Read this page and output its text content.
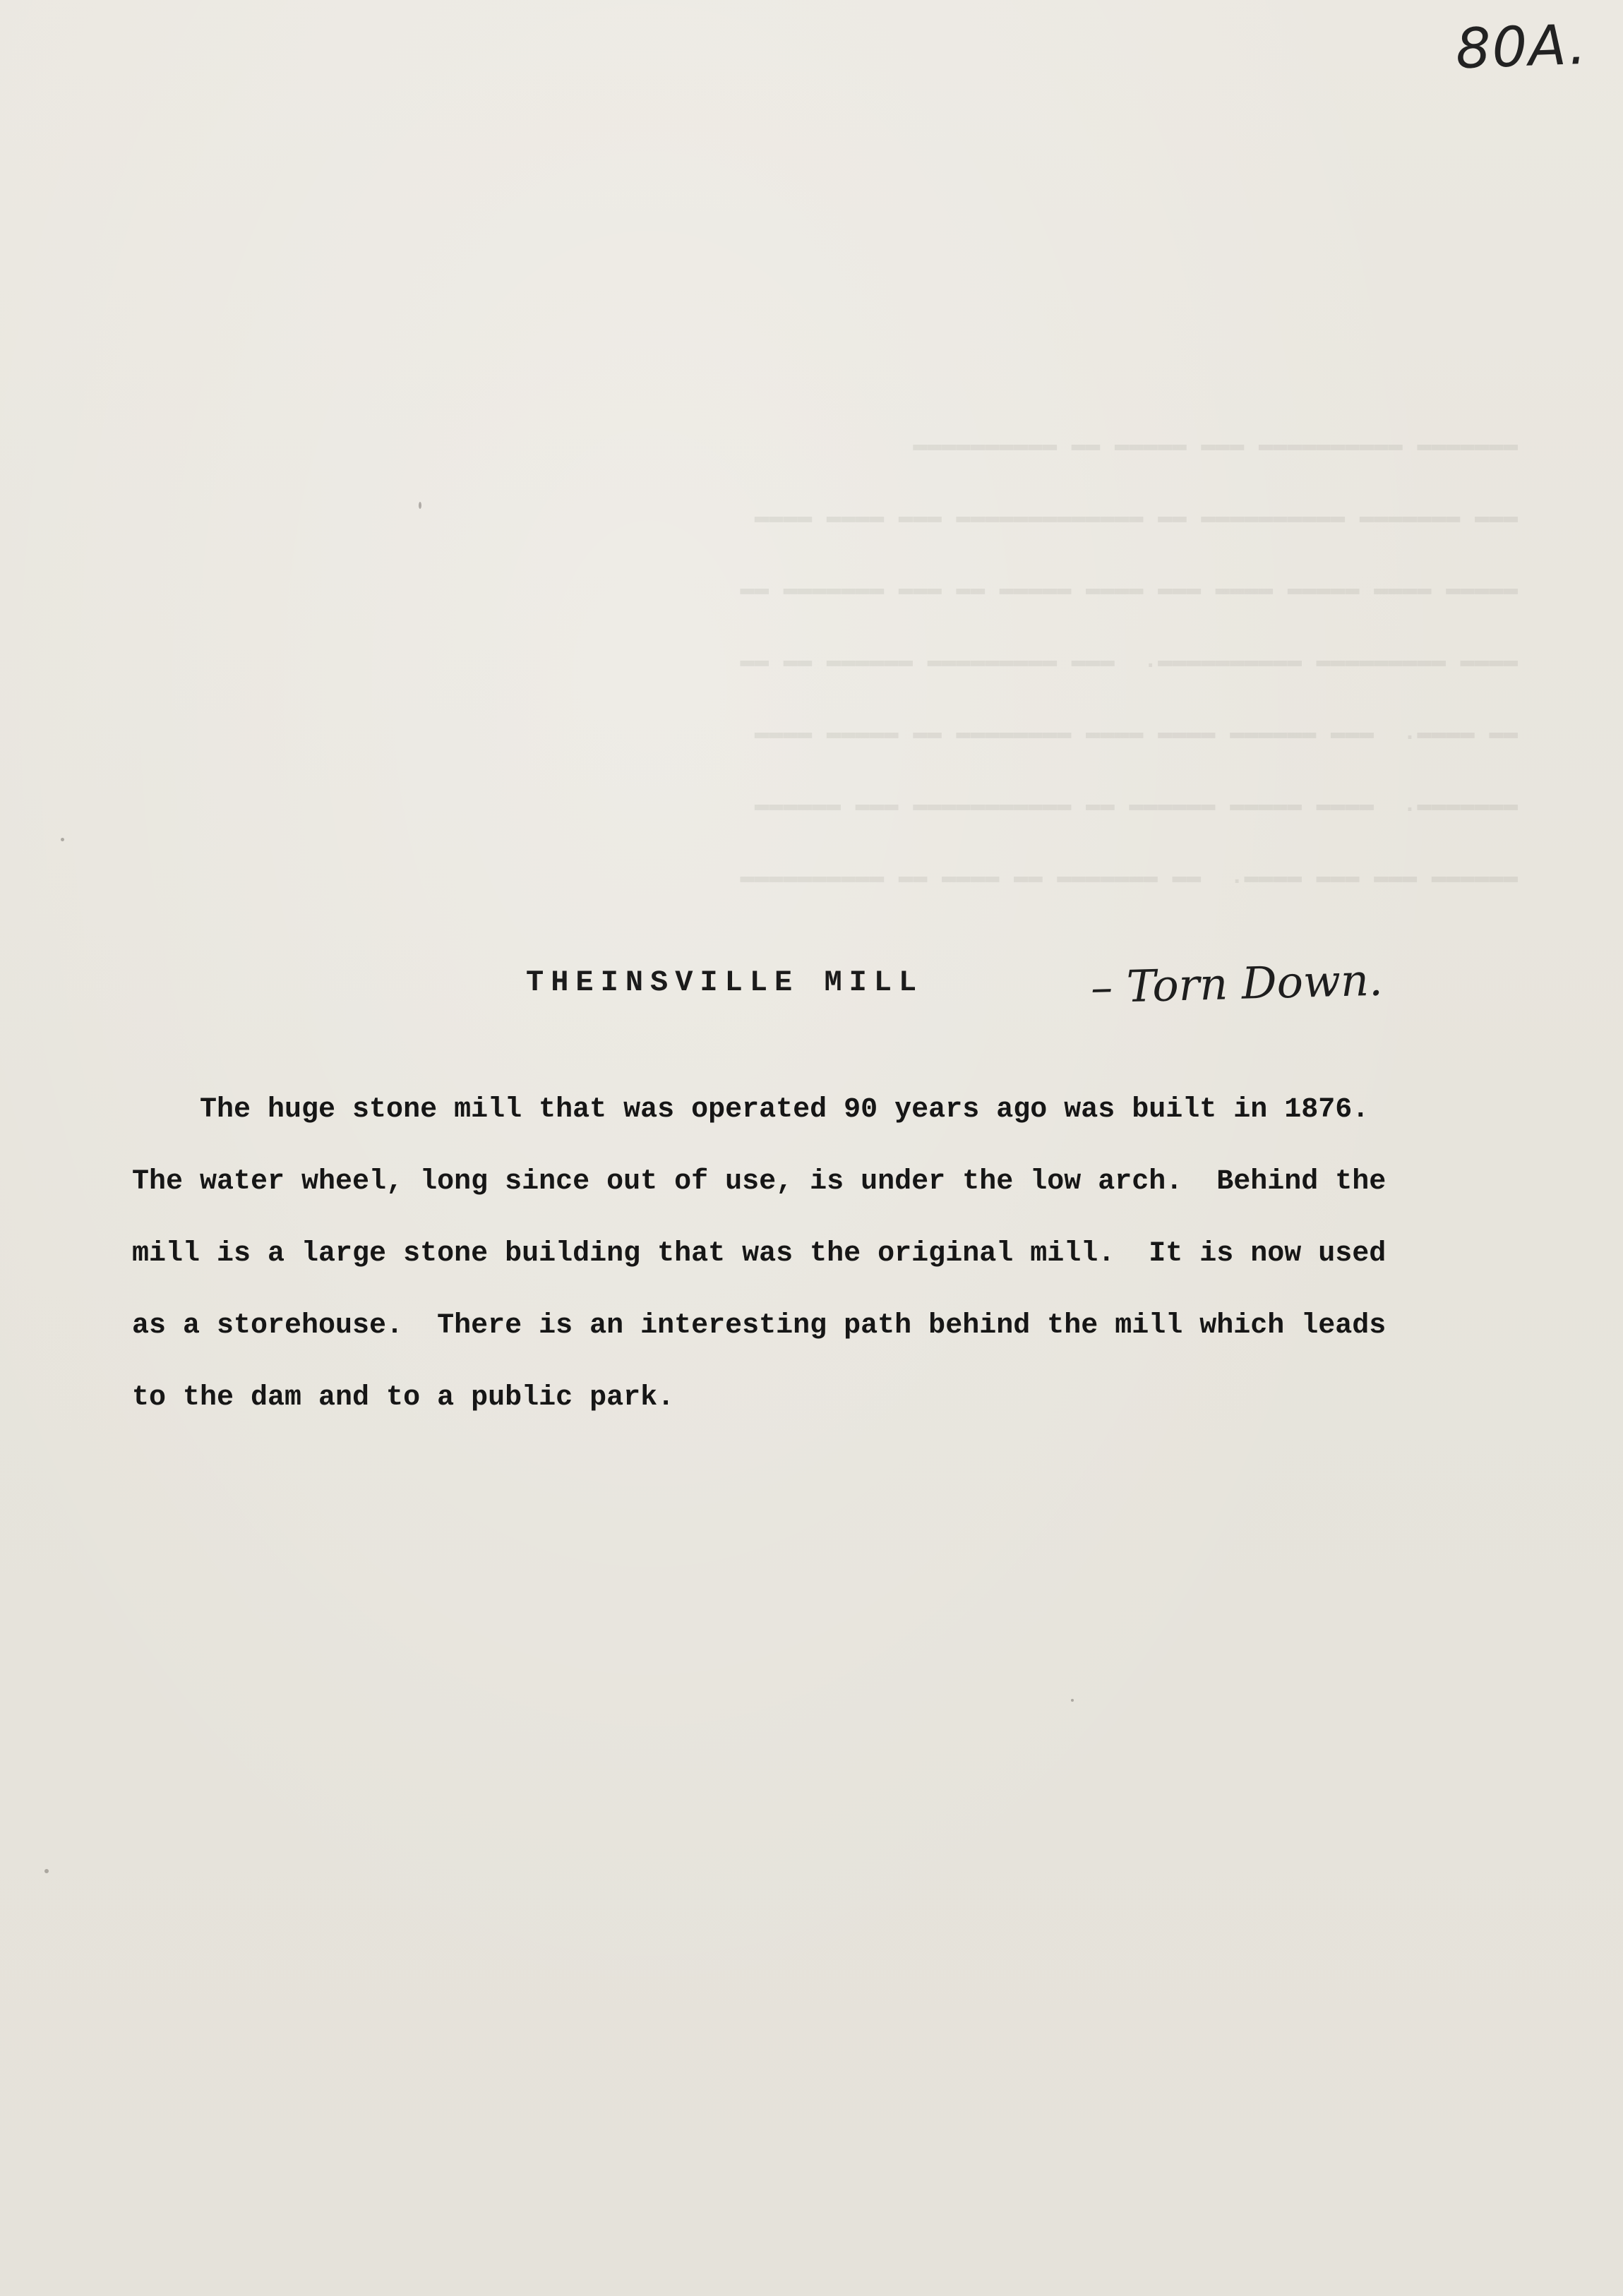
80A.
▬▬▬▬▬▬▬ ▬▬▬▬▬▬▬▬▬▬ ▬▬▬ ▬▬▬▬▬ ▬▬ ▬▬▬▬▬▬▬▬▬▬
▬▬▬ ▬▬▬▬▬▬▬ ▬▬▬▬▬▬▬▬▬▬ ▬▬ ▬▬▬▬▬▬▬▬▬▬▬▬▬ ▬▬▬ ▬▬▬▬ ▬▬▬▬
▬▬▬▬▬ ▬▬▬▬ ▬▬▬▬▬ ▬▬▬▬ ▬▬▬ ▬▬▬▬ ▬▬▬▬▬ ▬▬ ▬▬▬ ▬▬▬▬▬▬▬ ▬▬
▬▬▬▬ ▬▬▬▬▬▬▬▬▬ ▬▬▬▬▬▬▬▬▬▬.  ▬▬▬ ▬▬▬▬▬▬▬▬▬ ▬▬▬▬▬▬ ▬▬ ▬▬
▬▬ ▬▬▬▬.  ▬▬▬ ▬▬▬▬▬▬ ▬▬▬▬ ▬▬▬▬ ▬▬▬▬▬▬▬▬ ▬▬ ▬▬▬▬▬ ▬▬▬▬
▬▬▬▬▬▬▬.  ▬▬▬▬ ▬▬▬▬▬ ▬▬▬▬▬▬ ▬▬ ▬▬▬▬▬▬▬▬▬▬▬ ▬▬▬ ▬▬▬▬▬▬
▬▬▬▬▬▬ ▬▬▬ ▬▬▬ ▬▬▬▬.  ▬▬ ▬▬▬▬▬▬▬ ▬▬ ▬▬▬▬ ▬▬ ▬▬▬▬▬▬▬▬▬▬
THEINSVILLE MILL	– Torn Down.
The huge stone mill that was operated 90 years ago was built in 1876.
The water wheel, long since out of use, is under the low arch.  Behind the
mill is a large stone building that was the original mill.  It is now used
as a storehouse.  There is an interesting path behind the mill which leads
to the dam and to a public park.
